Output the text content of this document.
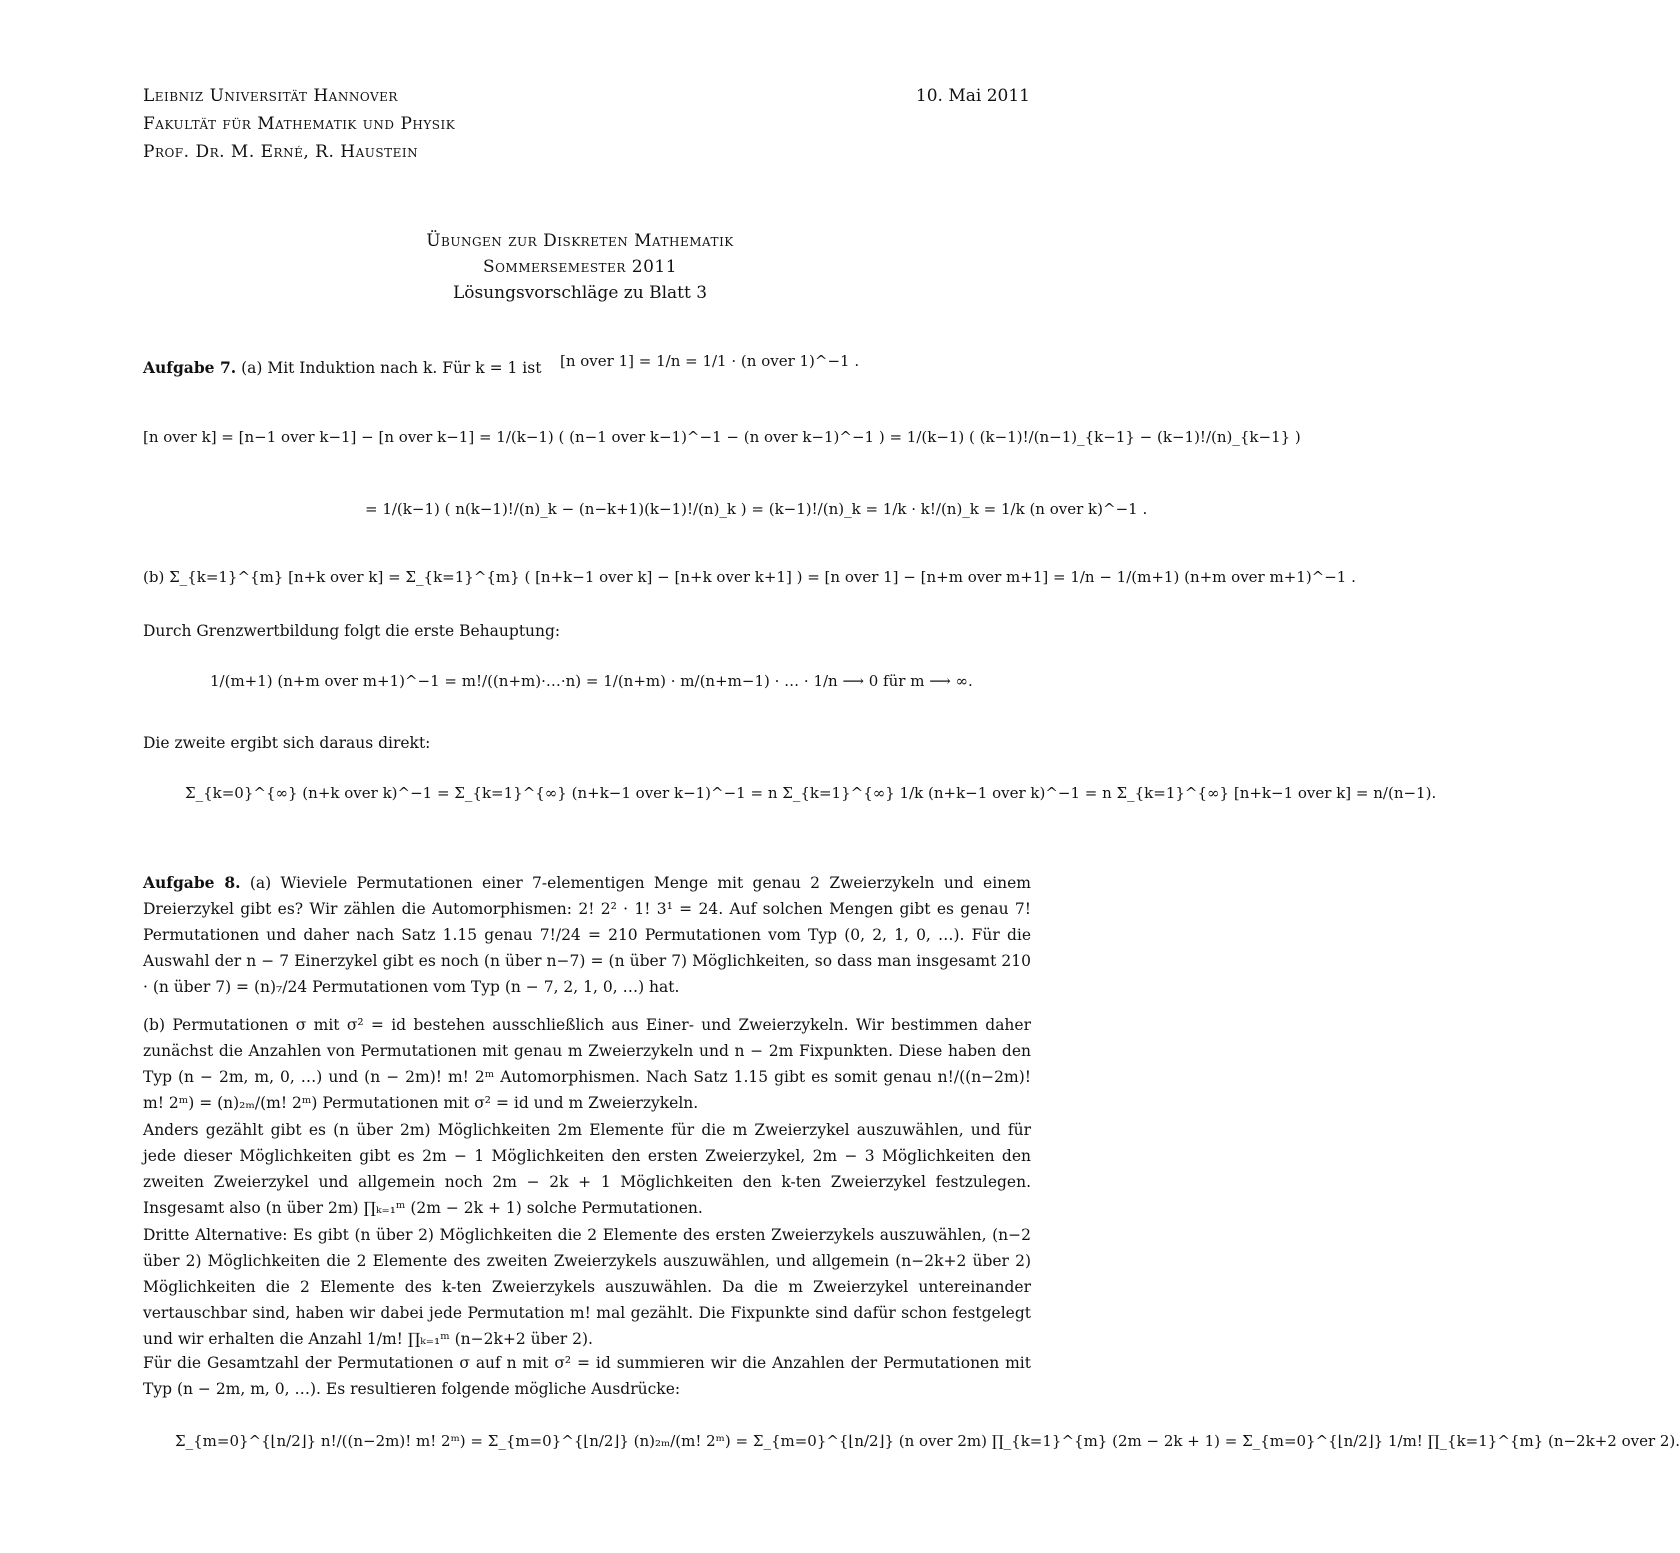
Leibniz Universität Hannover
Fakultät für Mathematik und Physik
Prof. Dr. M. Erné, R. Haustein
10. Mai 2011
Übungen zur Diskreten Mathematik
Sommersemester 2011
Lösungsvorschläge zu Blatt 3
Aufgabe 7. (a) Mit Induktion nach k. Für k = 1 ist	[n over 1] = 1/n = 1/1 · (n over 1)^−1 .
[n over k] = [n−1 over k−1] − [n over k−1] = 1/(k−1) ( (n−1 over k−1)^−1 − (n over k−1)^−1 ) = 1/(k−1) ( (k−1)!/(n−1)_{k−1} − (k−1)!/(n)_{k−1} )
= 1/(k−1) ( n(k−1)!/(n)_k − (n−k+1)(k−1)!/(n)_k ) = (k−1)!/(n)_k = 1/k · k!/(n)_k = 1/k (n over k)^−1 .
(b) Σ_{k=1}^{m} [n+k over k] = Σ_{k=1}^{m} ( [n+k−1 over k] − [n+k over k+1] ) = [n over 1] − [n+m over m+1] = 1/n − 1/(m+1) (n+m over m+1)^−1 .
Durch Grenzwertbildung folgt die erste Behauptung:
1/(m+1) (n+m over m+1)^−1 = m!/((n+m)·…·n) = 1/(n+m) · m/(n+m−1) · … · 1/n ⟶ 0 für m ⟶ ∞.
Die zweite ergibt sich daraus direkt:
Σ_{k=0}^{∞} (n+k over k)^−1 = Σ_{k=1}^{∞} (n+k−1 over k−1)^−1 = n Σ_{k=1}^{∞} 1/k (n+k−1 over k)^−1 = n Σ_{k=1}^{∞} [n+k−1 over k] = n/(n−1).
Aufgabe 8. (a) Wieviele Permutationen einer 7-elementigen Menge mit genau 2 Zweierzykeln und einem Dreierzykel gibt es? Wir zählen die Automorphismen: 2! 2² · 1! 3¹ = 24. Auf solchen Mengen gibt es genau 7! Permutationen und daher nach Satz 1.15 genau 7!/24 = 210 Permutationen vom Typ (0, 2, 1, 0, …). Für die Auswahl der n − 7 Einerzykel gibt es noch (n über n−7) = (n über 7) Möglichkeiten, so dass man insgesamt 210 · (n über 7) = (n)₇/24 Permutationen vom Typ (n − 7, 2, 1, 0, …) hat.
(b) Permutationen σ mit σ² = id bestehen ausschließlich aus Einer- und Zweierzykeln. Wir bestimmen daher zunächst die Anzahlen von Permutationen mit genau m Zweierzykeln und n − 2m Fixpunkten. Diese haben den Typ (n − 2m, m, 0, …) und (n − 2m)! m! 2ᵐ Automorphismen. Nach Satz 1.15 gibt es somit genau n!/((n−2m)! m! 2ᵐ) = (n)₂ₘ/(m! 2ᵐ) Permutationen mit σ² = id und m Zweierzykeln.
Anders gezählt gibt es (n über 2m) Möglichkeiten 2m Elemente für die m Zweierzykel auszuwählen, und für jede dieser Möglichkeiten gibt es 2m − 1 Möglichkeiten den ersten Zweierzykel, 2m − 3 Möglichkeiten den zweiten Zweierzykel und allgemein noch 2m − 2k + 1 Möglichkeiten den k-ten Zweierzykel festzulegen. Insgesamt also (n über 2m) ∏ₖ₌₁ᵐ (2m − 2k + 1) solche Permutationen.
Dritte Alternative: Es gibt (n über 2) Möglichkeiten die 2 Elemente des ersten Zweierzykels auszuwählen, (n−2 über 2) Möglichkeiten die 2 Elemente des zweiten Zweierzykels auszuwählen, und allgemein (n−2k+2 über 2) Möglichkeiten die 2 Elemente des k-ten Zweierzykels auszuwählen. Da die m Zweierzykel untereinander vertauschbar sind, haben wir dabei jede Permutation m! mal gezählt. Die Fixpunkte sind dafür schon festgelegt und wir erhalten die Anzahl 1/m! ∏ₖ₌₁ᵐ (n−2k+2 über 2).
Für die Gesamtzahl der Permutationen σ auf n mit σ² = id summieren wir die Anzahlen der Permutationen mit Typ (n − 2m, m, 0, …). Es resultieren folgende mögliche Ausdrücke:
Σ_{m=0}^{⌊n/2⌋} n!/((n−2m)! m! 2ᵐ) = Σ_{m=0}^{⌊n/2⌋} (n)₂ₘ/(m! 2ᵐ) = Σ_{m=0}^{⌊n/2⌋} (n over 2m) ∏_{k=1}^{m} (2m − 2k + 1) = Σ_{m=0}^{⌊n/2⌋} 1/m! ∏_{k=1}^{m} (n−2k+2 over 2).
